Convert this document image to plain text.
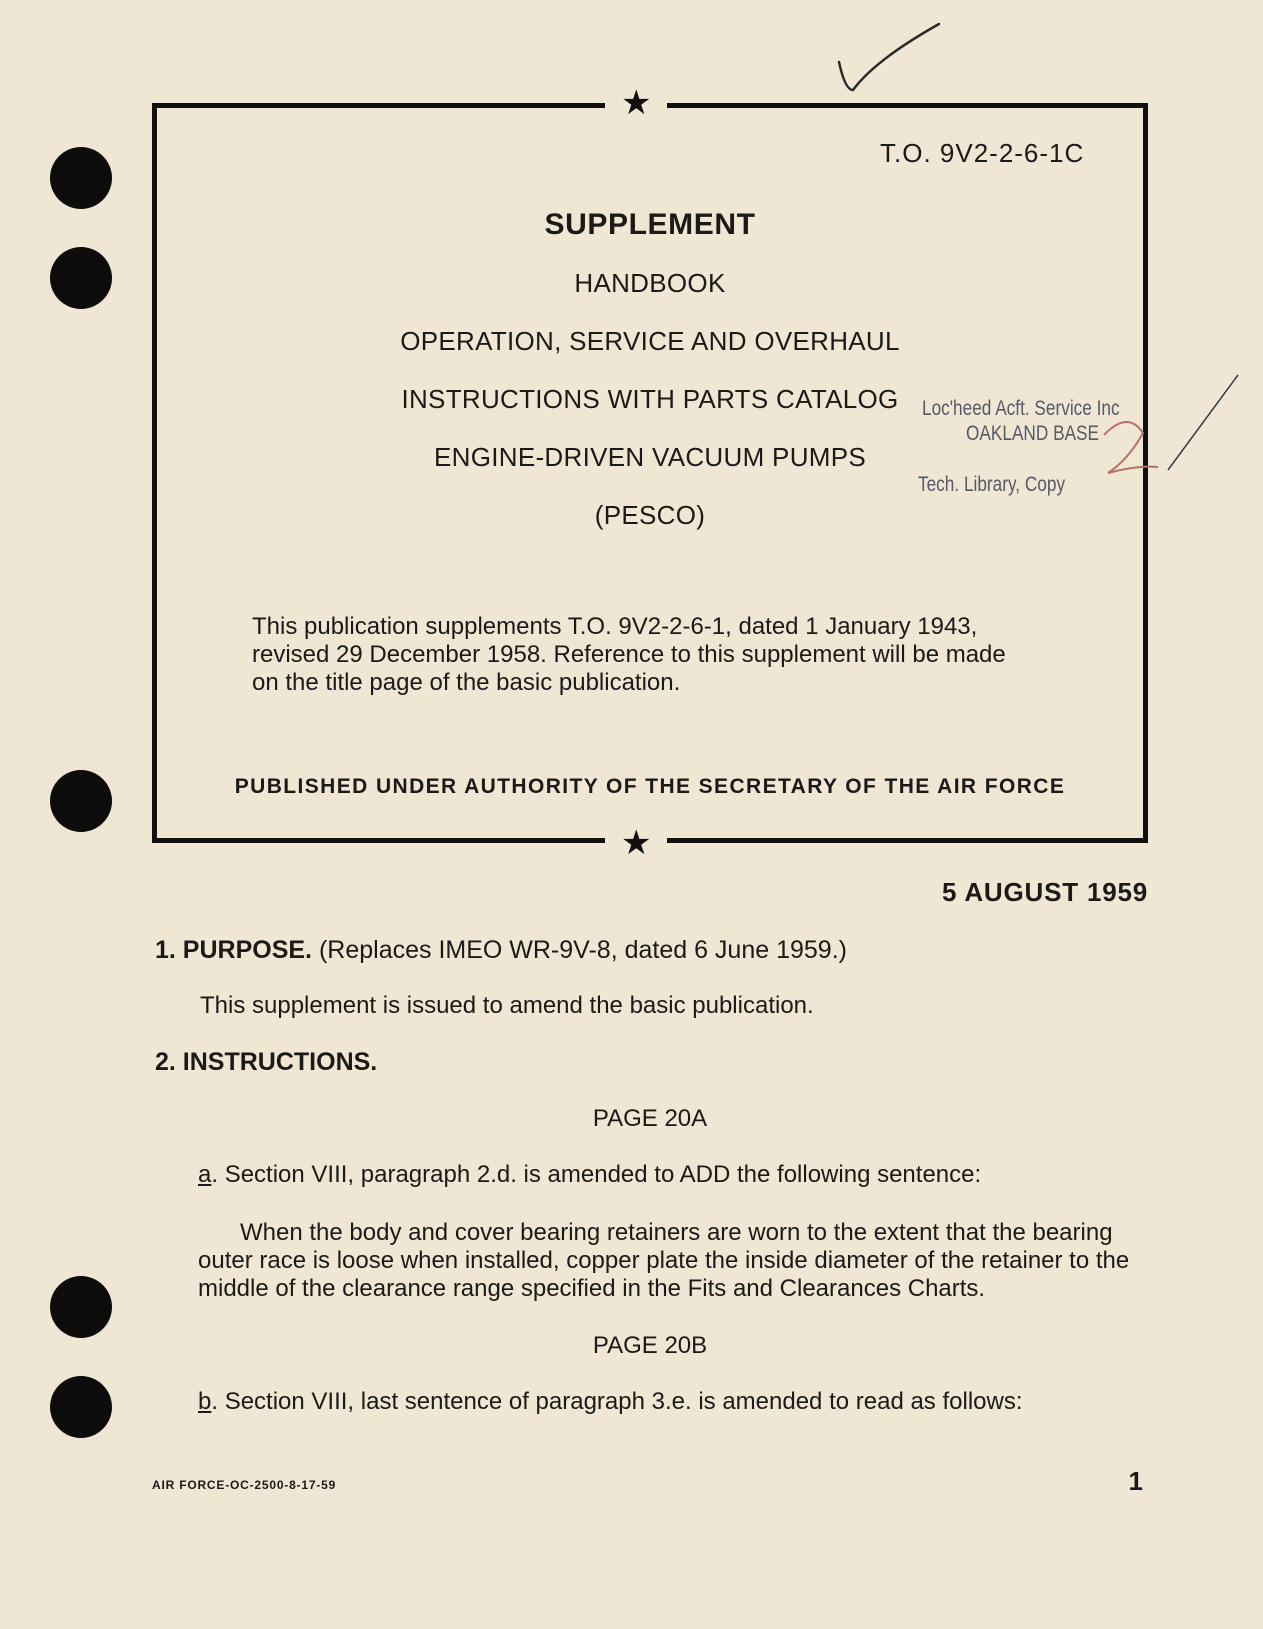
★
★
T.O. 9V2-2-6-1C
SUPPLEMENT
HANDBOOK
OPERATION, SERVICE AND OVERHAUL
INSTRUCTIONS WITH PARTS CATALOG
ENGINE-DRIVEN VACUUM PUMPS
(PESCO)
Loc'heed Acft. Service Inc
OAKLAND BASE
Tech. Library, Copy
This publication supplements T.O. 9V2-2-6-1, dated 1 January 1943,
revised 29 December 1958. Reference to this supplement will be made
on the title page of the basic publication.
PUBLISHED UNDER AUTHORITY OF THE SECRETARY OF THE AIR FORCE
5 AUGUST 1959
1. PURPOSE. (Replaces IMEO WR-9V-8, dated 6 June 1959.)
This supplement is issued to amend the basic publication.
2. INSTRUCTIONS.
PAGE 20A
a. Section VIII, paragraph 2.d. is amended to ADD the following sentence:
When the body and cover bearing retainers are worn to the extent that the bearing
outer race is loose when installed, copper plate the inside diameter of the retainer to the
middle of the clearance range specified in the Fits and Clearances Charts.
PAGE 20B
b. Section VIII, last sentence of paragraph 3.e. is amended to read as follows:
AIR FORCE-OC-2500-8-17-59	1
